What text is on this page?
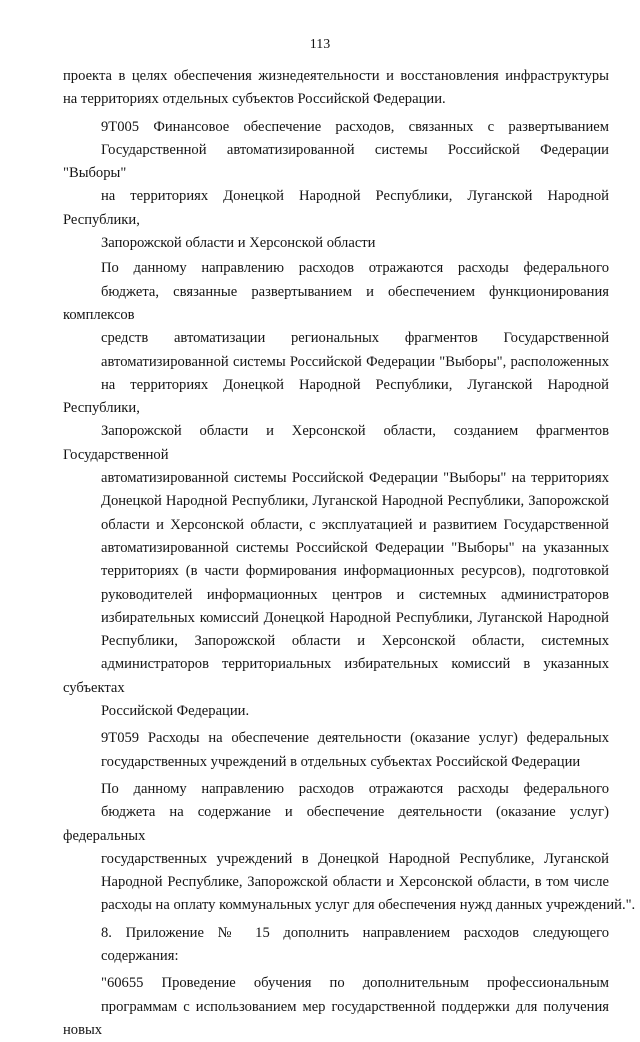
113

проекта в целях обеспечения жизнедеятельности и восстановления инфраструктуры
на территориях отдельных субъектов Российской Федерации.

9Т005 Финансовое обеспечение расходов, связанных с развертыванием
Государственной автоматизированной системы Российской Федерации "Выборы"
на территориях Донецкой Народной Республики, Луганской Народной Республики,
Запорожской области и Херсонской области

По данному направлению расходов отражаются расходы федерального
бюджета, связанные развертыванием и обеспечением функционирования комплексов
средств автоматизации региональных фрагментов Государственной
автоматизированной системы Российской Федерации "Выборы", расположенных
на территориях Донецкой Народной Республики, Луганской Народной Республики,
Запорожской области и Херсонской области, созданием фрагментов Государственной
автоматизированной системы Российской Федерации "Выборы" на территориях
Донецкой Народной Республики, Луганской Народной Республики, Запорожской
области и Херсонской области, с эксплуатацией и развитием Государственной
автоматизированной системы Российской Федерации "Выборы" на указанных
территориях (в части формирования информационных ресурсов), подготовкой
руководителей информационных центров и системных администраторов
избирательных комиссий Донецкой Народной Республики, Луганской Народной
Республики, Запорожской области и Херсонской области, системных
администраторов территориальных избирательных комиссий в указанных субъектах
Российской Федерации.

9Т059 Расходы на обеспечение деятельности (оказание услуг) федеральных
государственных учреждений в отдельных субъектах Российской Федерации

По данному направлению расходов отражаются расходы федерального
бюджета на содержание и обеспечение деятельности (оказание услуг) федеральных
государственных учреждений в Донецкой Народной Республике, Луганской
Народной Республике, Запорожской области и Херсонской области, в том числе
расходы на оплату коммунальных услуг для обеспечения нужд данных учреждений.".

8. Приложение № 15 дополнить направлением расходов следующего
содержания:

"60655 Проведение обучения по дополнительным профессиональным
программам с использованием мер государственной поддержки для получения новых
